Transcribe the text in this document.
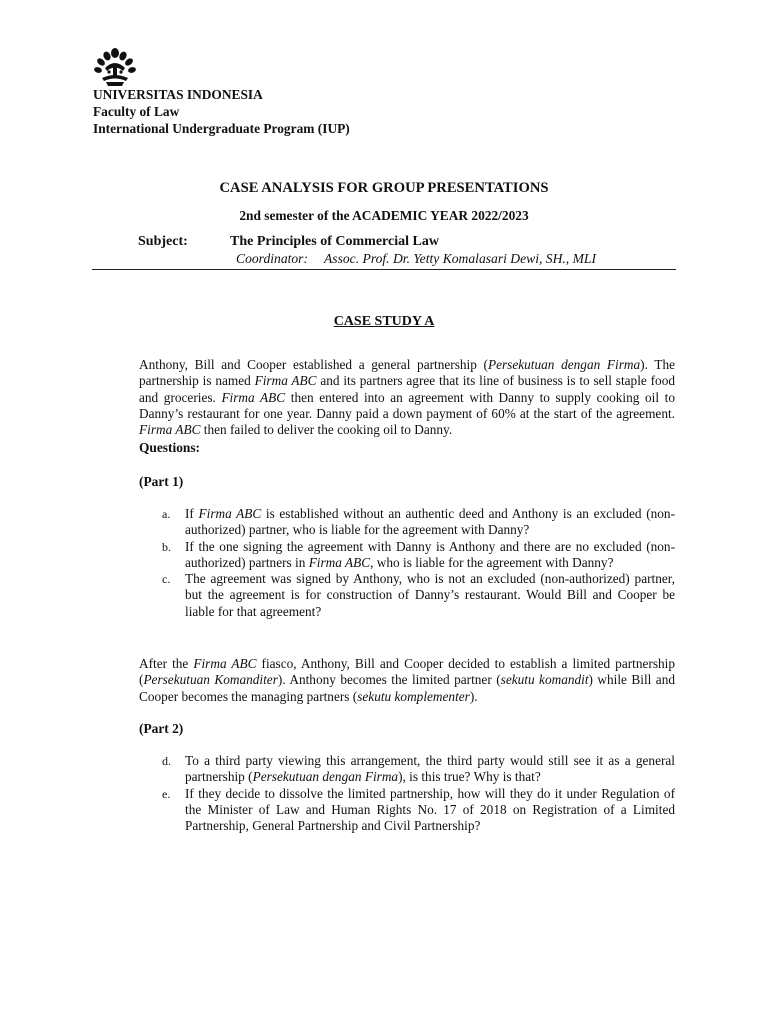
UNIVERSITAS INDONESIA
Faculty of Law
International Undergraduate Program (IUP)
CASE ANALYSIS FOR GROUP PRESENTATIONS
2nd semester of the ACADEMIC YEAR 2022/2023
Subject:	The Principles of Commercial Law
Coordinator: Assoc. Prof. Dr. Yetty Komalasari Dewi, SH., MLI
CASE STUDY A
Anthony, Bill and Cooper established a general partnership (Persekutuan dengan Firma). The partnership is named Firma ABC and its partners agree that its line of business is to sell staple food and groceries. Firma ABC then entered into an agreement with Danny to supply cooking oil to Danny’s restaurant for one year. Danny paid a down payment of 60% at the start of the agreement. Firma ABC then failed to deliver the cooking oil to Danny.
Questions:
(Part 1)
a.	If Firma ABC is established without an authentic deed and Anthony is an excluded (non-authorized) partner, who is liable for the agreement with Danny?
b.	If the one signing the agreement with Danny is Anthony and there are no excluded (non-authorized) partners in Firma ABC, who is liable for the agreement with Danny?
c.	The agreement was signed by Anthony, who is not an excluded (non-authorized) partner, but the agreement is for construction of Danny’s restaurant. Would Bill and Cooper be liable for that agreement?
After the Firma ABC fiasco, Anthony, Bill and Cooper decided to establish a limited partnership (Persekutuan Komanditer). Anthony becomes the limited partner (sekutu komandit) while Bill and Cooper becomes the managing partners (sekutu komplementer).
(Part 2)
d.	To a third party viewing this arrangement, the third party would still see it as a general partnership (Persekutuan dengan Firma), is this true? Why is that?
e.	If they decide to dissolve the limited partnership, how will they do it under Regulation of the Minister of Law and Human Rights No. 17 of 2018 on Registration of a Limited Partnership, General Partnership and Civil Partnership?
